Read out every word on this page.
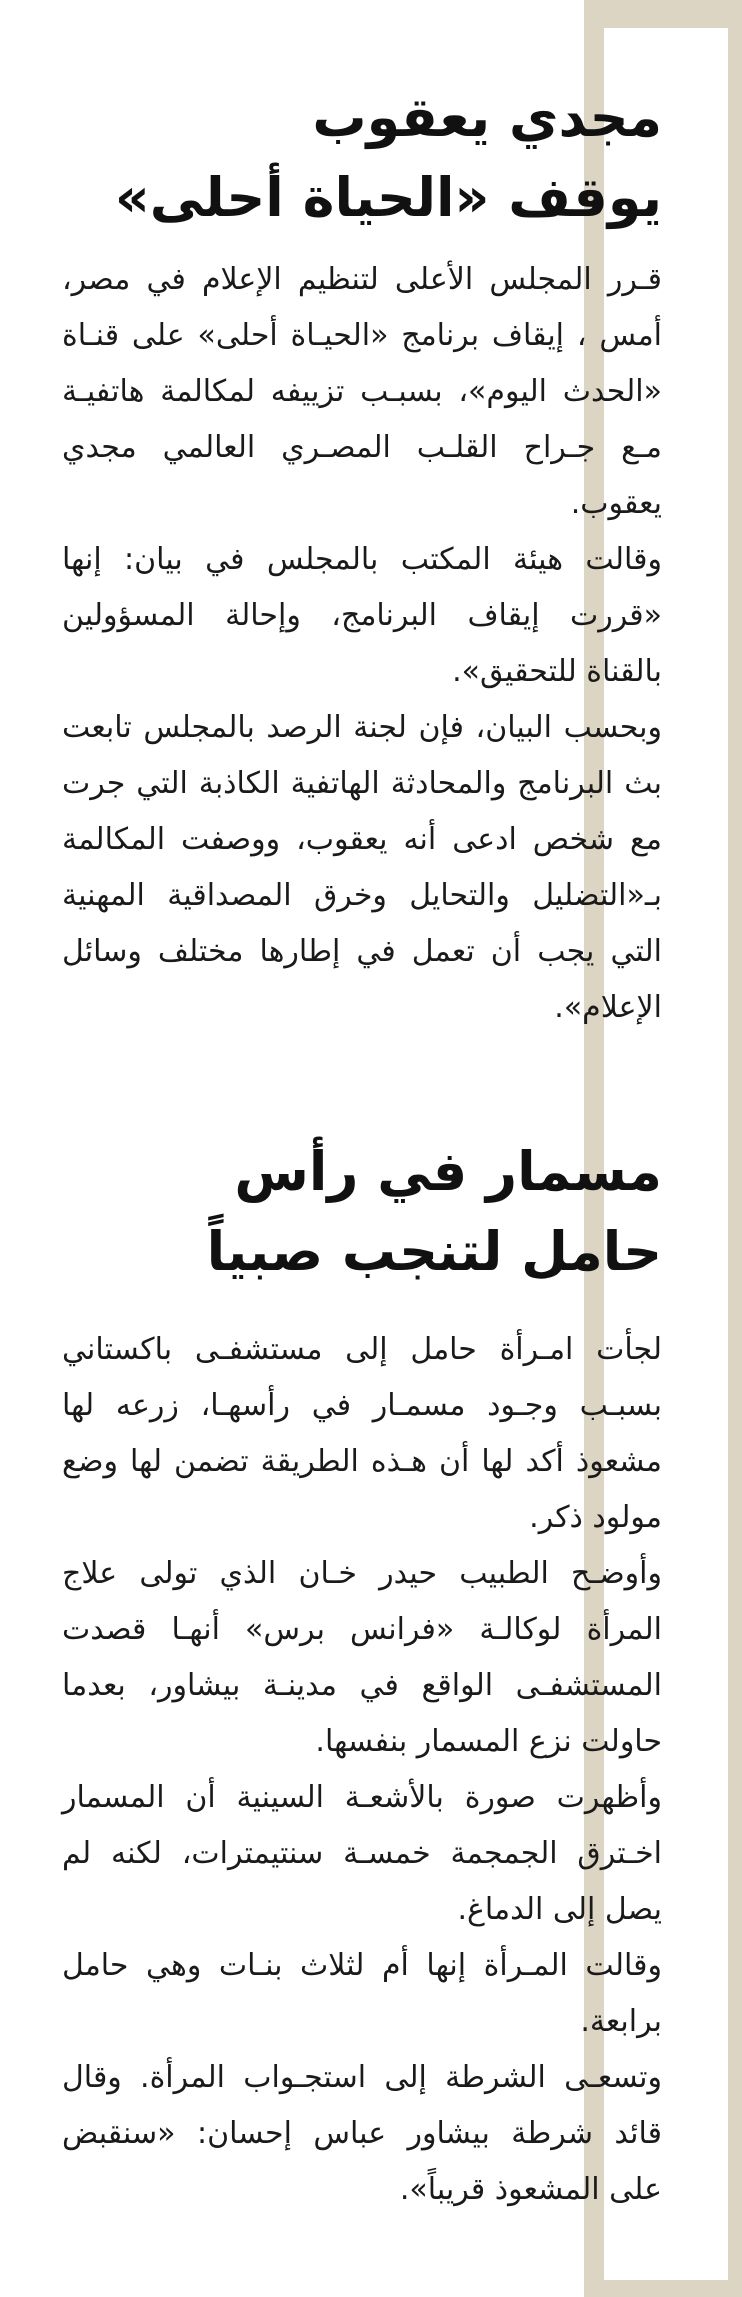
مجدي يعقوب
يوقف «الحياة أحلى»

قـرر المجلس الأعلى لتنظيم الإعلام في مصر، أمس ، إيقاف برنامج «الحيـاة أحلى» على قنـاة «الحدث اليوم»، بسبـب تزييفه لمكالمة هاتفيـة مـع جـراح القلـب المصـري العالمي مجدي يعقوب.

وقالت هيئة المكتب بالمجلس في بيان: إنها «قررت إيقاف البرنامج، وإحالة المسؤولين بالقناة للتحقيق».

وبحسب البيان، فإن لجنة الرصد بالمجلس تابعت بث البرنامج والمحادثة الهاتفية الكاذبة التي جرت مع شخص ادعى أنه يعقوب، ووصفت المكالمة بـ«التضليل والتحايل وخرق المصداقية المهنية التي يجب أن تعمل في إطارها مختلف وسائل الإعلام».

مسمار في رأس
حامل لتنجب صبياً

لجأت امـرأة حامل إلى مستشفـى باكستاني بسبـب وجـود مسمـار في رأسهـا، زرعه لها مشعوذ أكد لها أن هـذه الطريقة تضمن لها وضع مولود ذكر.

وأوضـح الطبيب حيدر خـان الذي تولى علاج المرأة لوكالـة «فرانس برس» أنهـا قصدت المستشفـى الواقع في مدينـة بيشاور، بعدما حاولت نزع المسمار بنفسها.

وأظهرت صورة بالأشعـة السينية أن المسمار اخـترق الجمجمة خمسـة سنتيمترات، لكنه لم يصل إلى الدماغ.

وقالت المـرأة إنها أم لثلاث بنـات وهي حامل برابعة.

وتسعـى الشرطة إلى استجـواب المرأة. وقال قائد شرطة بيشاور عباس إحسان: «سنقبض على المشعوذ قريباً».
